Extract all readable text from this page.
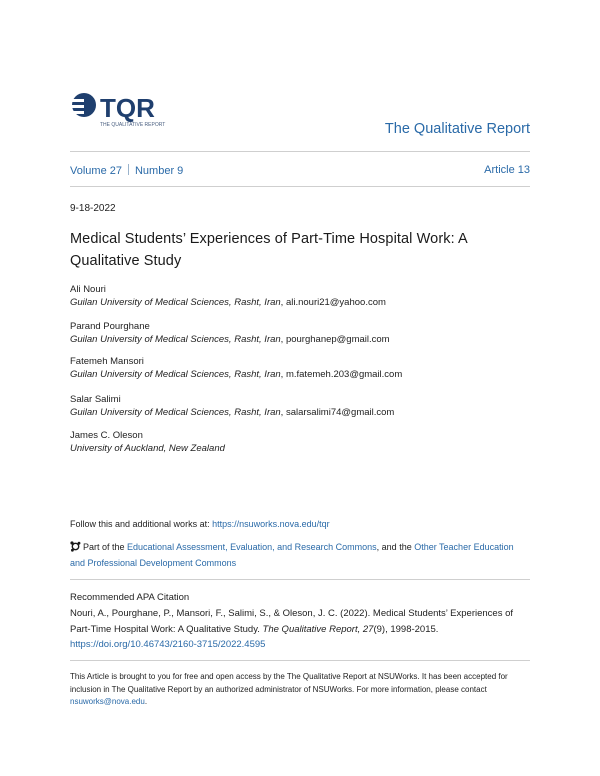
TQR
THE QUALITATIVE REPORT	The Qualitative Report
Volume 27 Number 9	Article 13
9-18-2022
Medical Students’ Experiences of Part-Time Hospital Work: A Qualitative Study
Ali Nouri
Guilan University of Medical Sciences, Rasht, Iran, ali.nouri21@yahoo.com
Parand Pourghane
Guilan University of Medical Sciences, Rasht, Iran, pourghanep@gmail.com
Fatemeh Mansori
Guilan University of Medical Sciences, Rasht, Iran, m.fatemeh.203@gmail.com
Salar Salimi
Guilan University of Medical Sciences, Rasht, Iran, salarsalimi74@gmail.com
James C. Oleson
University of Auckland, New Zealand
Follow this and additional works at: https://nsuworks.nova.edu/tqr
Part of the Educational Assessment, Evaluation, and Research Commons, and the Other Teacher Education and Professional Development Commons
Recommended APA Citation
Nouri, A., Pourghane, P., Mansori, F., Salimi, S., & Oleson, J. C. (2022). Medical Students’ Experiences of Part-Time Hospital Work: A Qualitative Study. The Qualitative Report, 27(9), 1998-2015. https://doi.org/10.46743/2160-3715/2022.4595
This Article is brought to you for free and open access by the The Qualitative Report at NSUWorks. It has been accepted for inclusion in The Qualitative Report by an authorized administrator of NSUWorks. For more information, please contact nsuworks@nova.edu.
